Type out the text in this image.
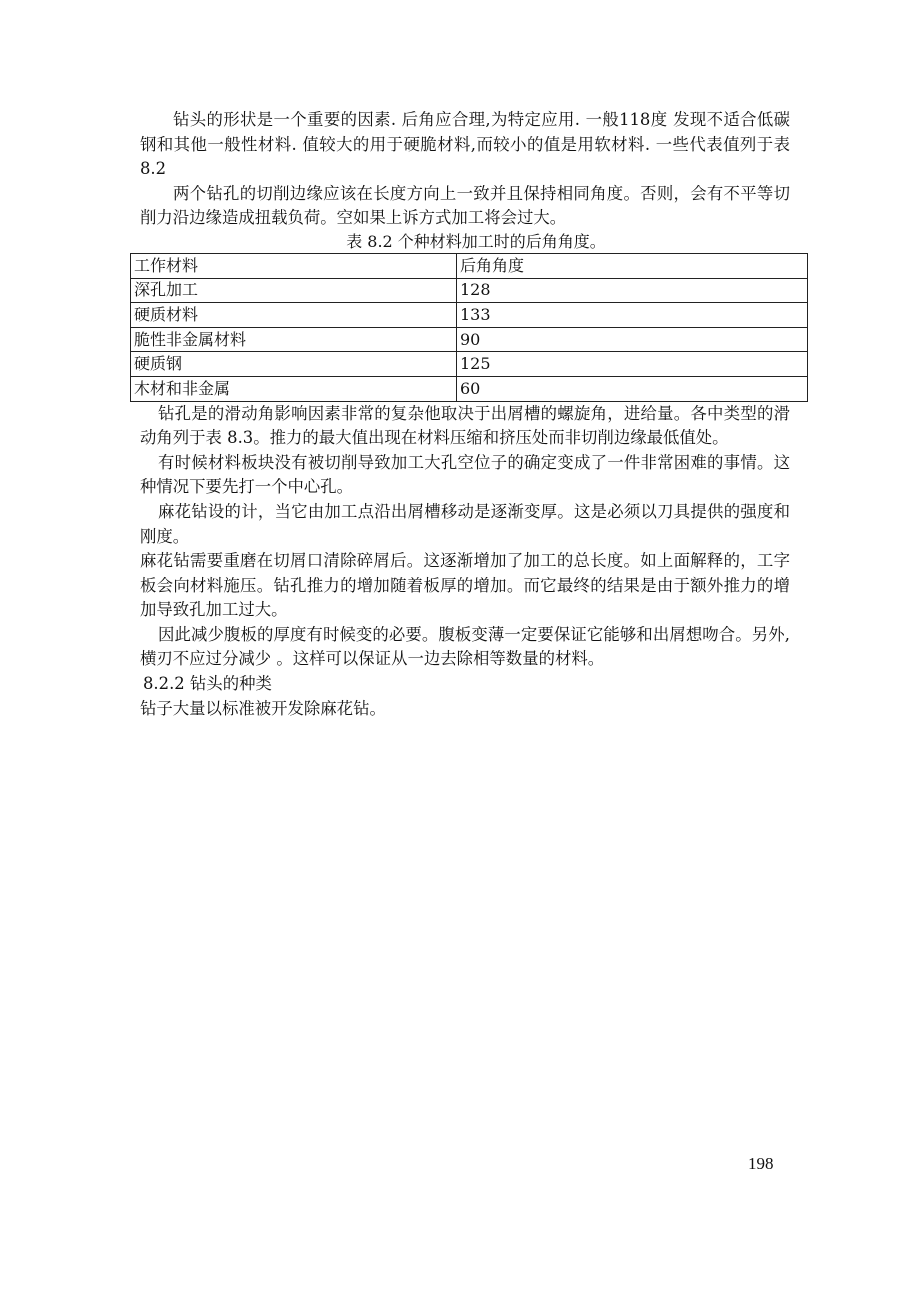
钻头的形状是一个重要的因素. 后角应合理,为特定应用. 一般118度 发现不适合低碳钢和其他一般性材料. 值较大的用于硬脆材料,而较小的值是用软材料. 一些代表值列于表8.2

两个钻孔的切削边缘应该在长度方向上一致并且保持相同角度。否则，会有不平等切削力沿边缘造成扭载负荷。空如果上诉方式加工将会过大。

表 8.2 个种材料加工时的后角角度。

工作材料	后角角度
深孔加工	128
硬质材料	133
脆性非金属材料	90
硬质钢	125
木材和非金属	60

钻孔是的滑动角影响因素非常的复杂他取决于出屑槽的螺旋角，进给量。各中类型的滑动角列于表 8.3。推力的最大值出现在材料压缩和挤压处而非切削边缘最低值处。

有时候材料板块没有被切削导致加工大孔空位子的确定变成了一件非常困难的事情。这种情况下要先打一个中心孔。

麻花钻设的计，当它由加工点沿出屑槽移动是逐渐变厚。这是必须以刀具提供的强度和刚度。

麻花钻需要重磨在切屑口清除碎屑后。这逐渐增加了加工的总长度。如上面解释的，工字板会向材料施压。钻孔推力的增加随着板厚的增加。而它最终的结果是由于额外推力的增加导致孔加工过大。

因此减少腹板的厚度有时候变的必要。腹板变薄一定要保证它能够和出屑想吻合。另外,横刃不应过分减少 。这样可以保证从一边去除相等数量的材料。

8.2.2 钻头的种类

钻子大量以标准被开发除麻花钻。

198
